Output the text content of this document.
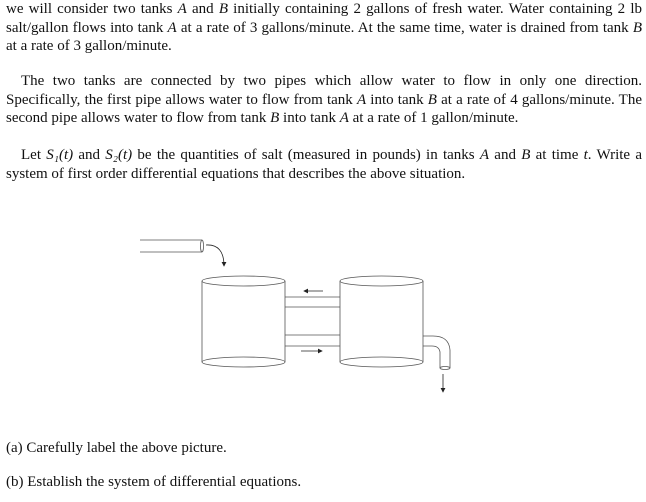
we will consider two tanks A and B initially containing 2 gallons of fresh water. Water containing 2 lb salt/gallon flows into tank A at a rate of 3 gallons/minute. At the same time, water is drained from tank B at a rate of 3 gallon/minute.
 The two tanks are connected by two pipes which allow water to flow in only one direction. Specifically, the first pipe allows water to flow from tank A into tank B at a rate of 4 gallons/minute. The second pipe allows water to flow from tank B into tank A at a rate of 1 gallon/minute.
 Let S₁(t) and S₂(t) be the quantities of salt (measured in pounds) in tanks A and B at time t. Write a system of first order differential equations that describes the above situation.
(a) Carefully label the above picture.
(b) Establish the system of differential equations.
